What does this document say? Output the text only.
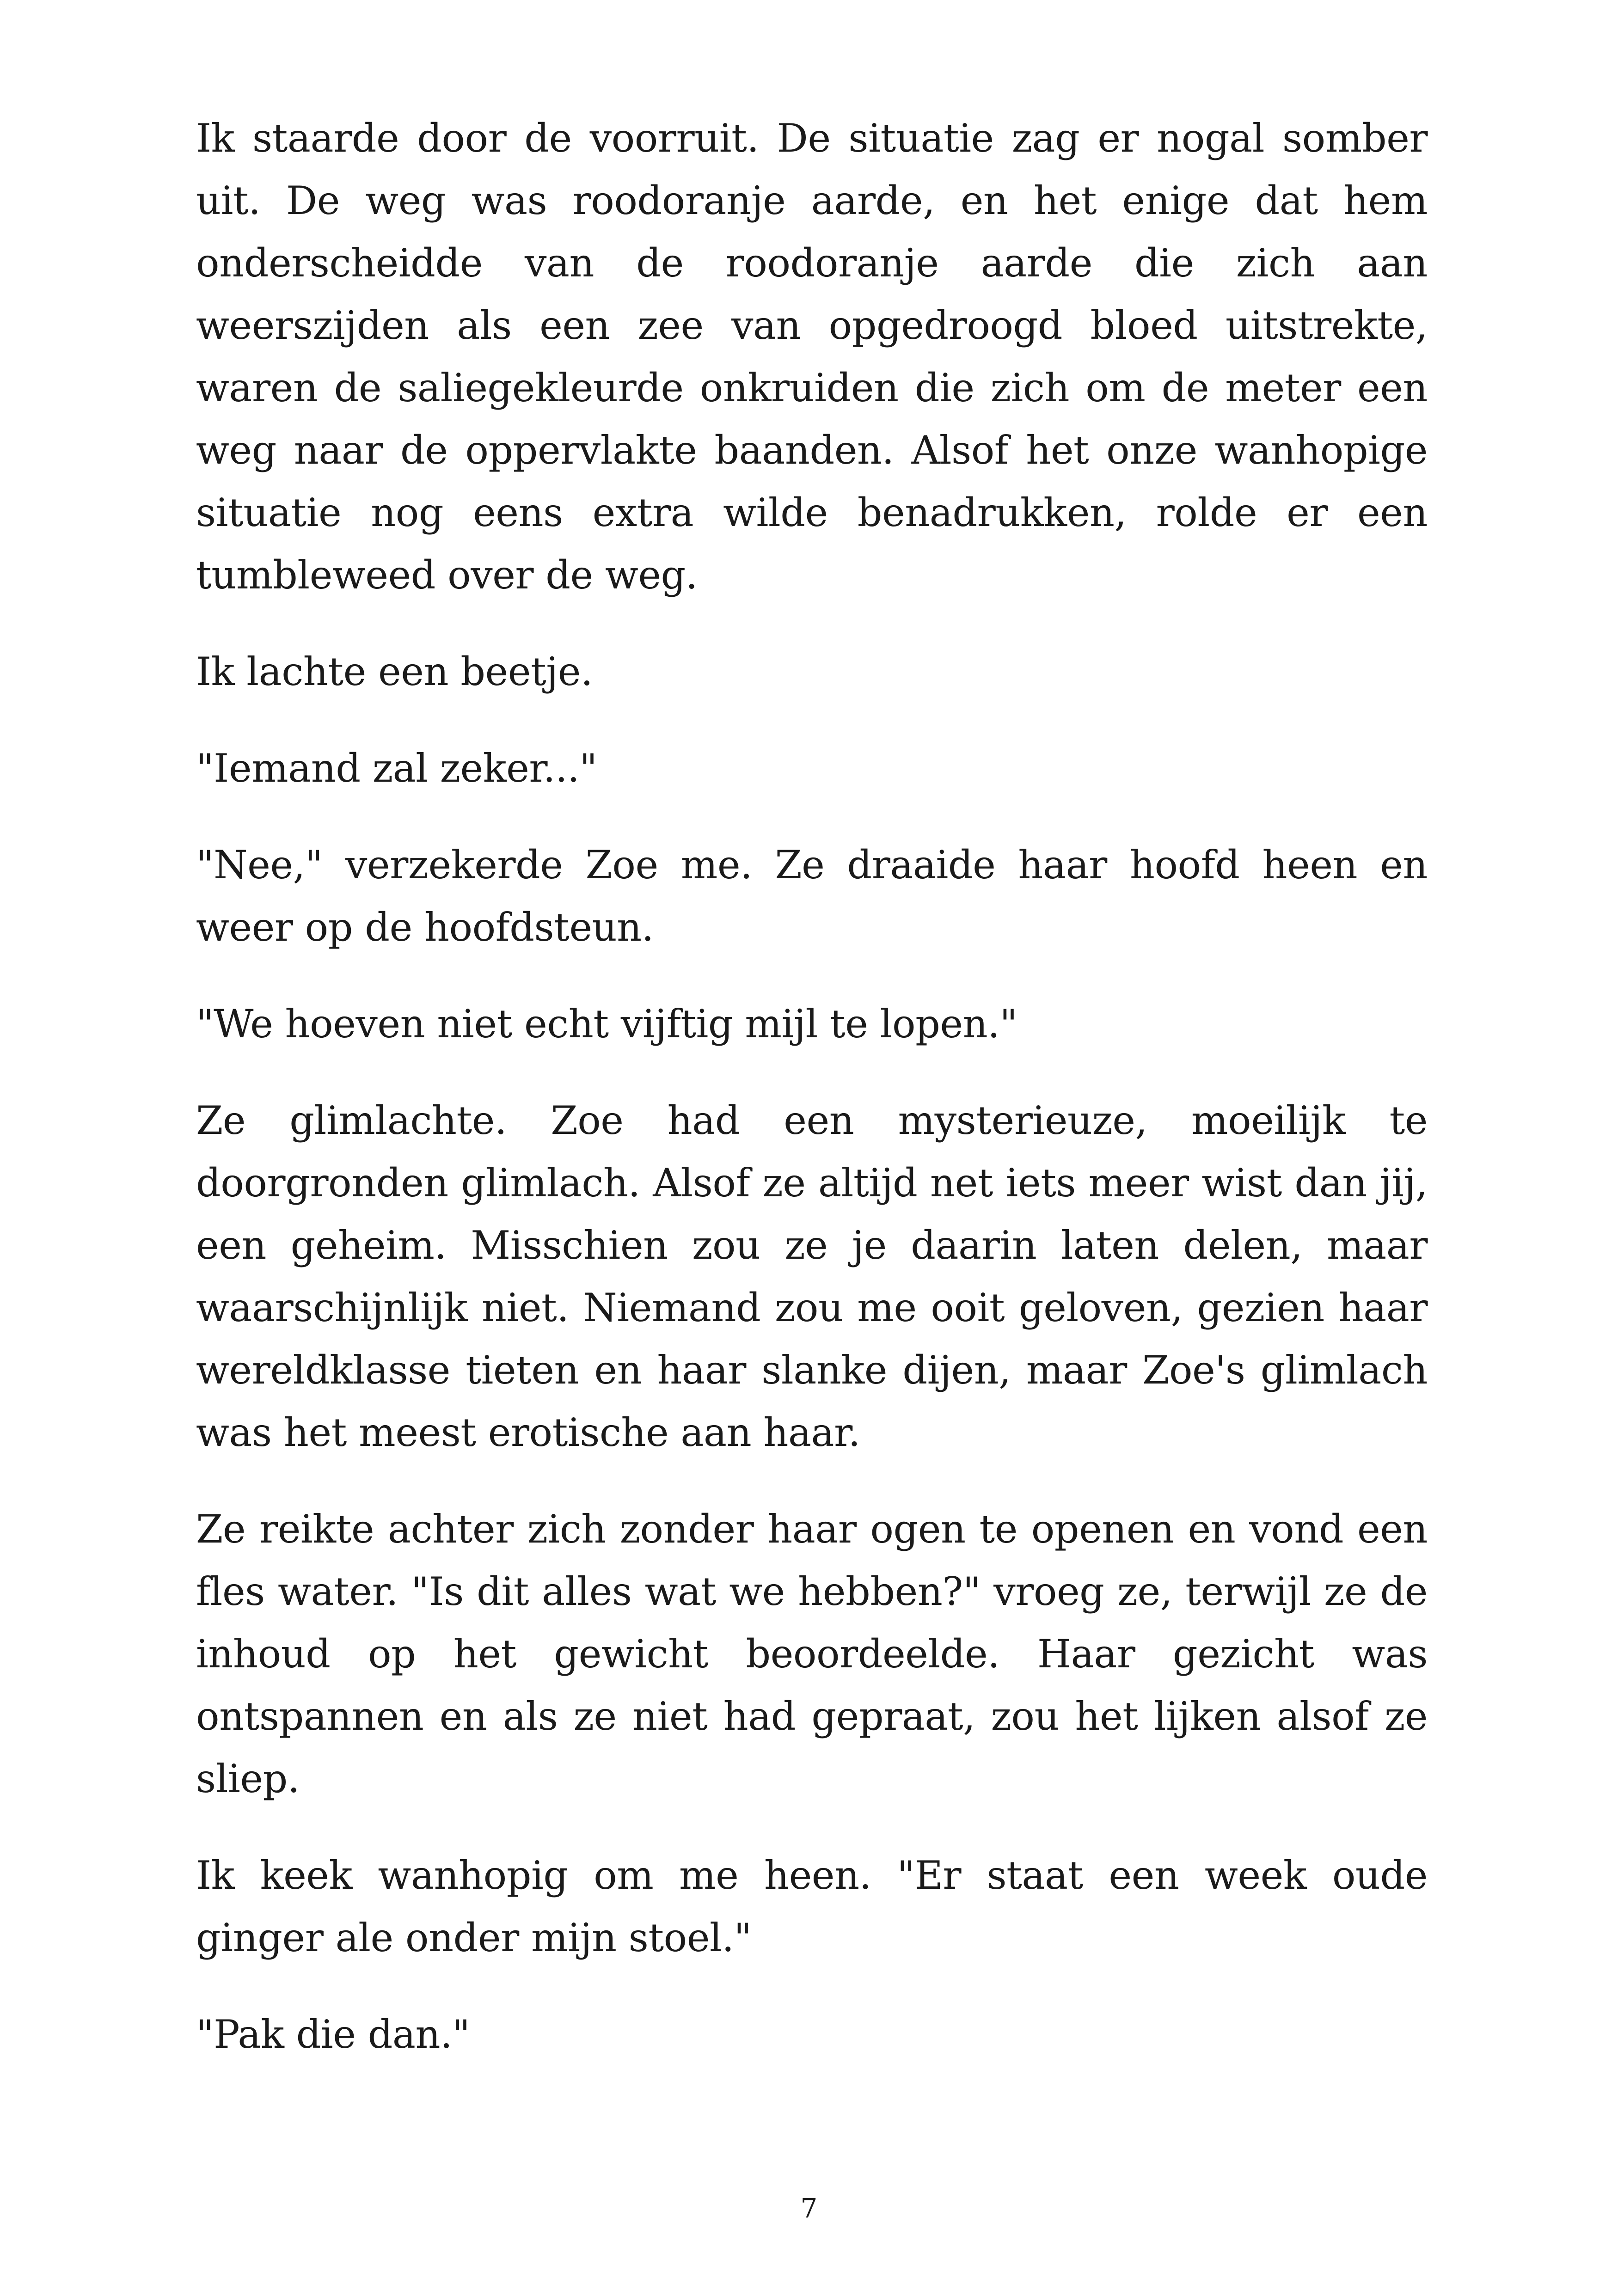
Ik staarde door de voorruit. De situatie zag er nogal somber uit. De weg was roodoranje aarde, en het enige dat hem onderscheidde van de roodoranje aarde die zich aan weerszijden als een zee van opgedroogd bloed uitstrekte, waren de saliegekleurde onkruiden die zich om de meter een weg naar de oppervlakte baanden. Alsof het onze wanhopige situatie nog eens extra wilde benadrukken, rolde er een tumbleweed over de weg.

Ik lachte een beetje.

"Iemand zal zeker..."

"Nee," verzekerde Zoe me. Ze draaide haar hoofd heen en weer op de hoofdsteun.

"We hoeven niet echt vijftig mijl te lopen."

Ze glimlachte. Zoe had een mysterieuze, moeilijk te doorgronden glimlach. Alsof ze altijd net iets meer wist dan jij, een geheim. Misschien zou ze je daarin laten delen, maar waarschijnlijk niet. Niemand zou me ooit geloven, gezien haar wereldklasse tieten en haar slanke dijen, maar Zoe's glimlach was het meest erotische aan haar.

Ze reikte achter zich zonder haar ogen te openen en vond een fles water. "Is dit alles wat we hebben?" vroeg ze, terwijl ze de inhoud op het gewicht beoordeelde. Haar gezicht was ontspannen en als ze niet had gepraat, zou het lijken alsof ze sliep.

Ik keek wanhopig om me heen. "Er staat een week oude ginger ale onder mijn stoel."

"Pak die dan."

7
